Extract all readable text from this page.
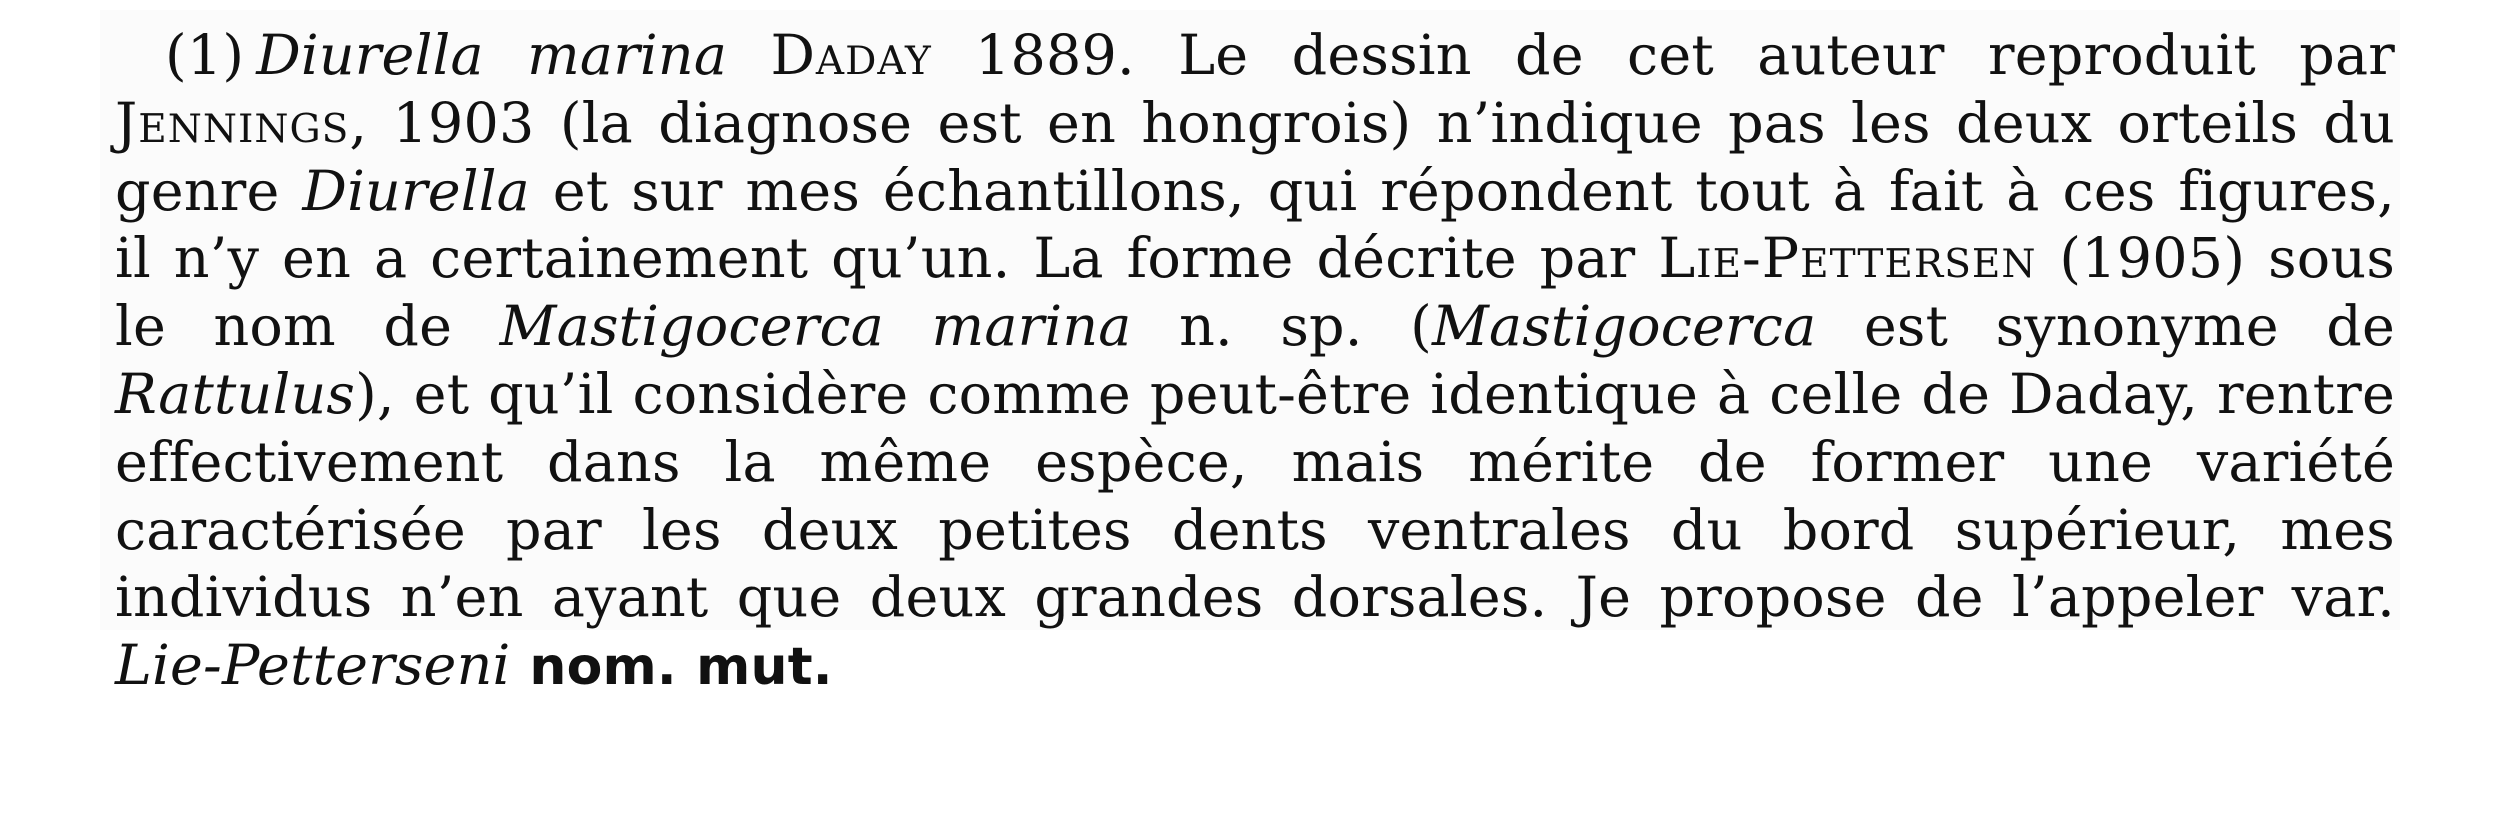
(1) Diurella marina Daday 1889. Le dessin de cet auteur reproduit par Jennings, 1903 (la diagnose est en hongrois) n’indique pas les deux orteils du genre Diurella et sur mes échantillons, qui répondent tout à fait à ces figures, il n’y en a certainement qu’un. La forme décrite par Lie-Pettersen (1905) sous le nom de Mastigocerca marina n. sp. (Mastigocerca est synonyme de Rattulus), et qu’il considère comme peut-être identique à celle de Daday, rentre effectivement dans la même espèce, mais mérite de former une variété caractérisée par les deux petites dents ventrales du bord supérieur, mes individus n’en ayant que deux grandes dorsales. Je propose de l’appeler var. Lie-Petterseni nom. mut.
